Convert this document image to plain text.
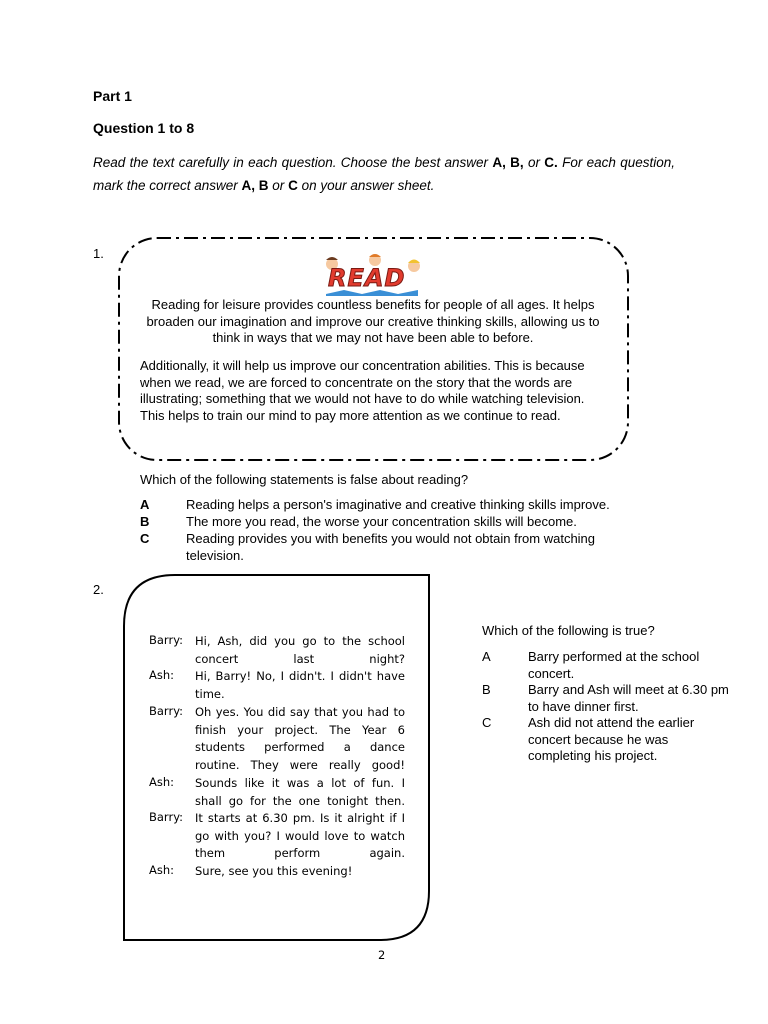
Part 1
Question 1 to 8
Read the text carefully in each question. Choose the best answer A, B, or C. For each question, mark the correct answer A, B or C on your answer sheet.
1.
READ
Reading for leisure provides countless benefits for people of all ages. It helps broaden our imagination and improve our creative thinking skills, allowing us to think in ways that we may not have been able to before.
Additionally, it will help us improve our concentration abilities. This is because when we read, we are forced to concentrate on the story that the words are illustrating; something that we would not have to do while watching television. This helps to train our mind to pay more attention as we continue to read.
Which of the following statements is false about reading?
A	Reading helps a person's imaginative and creative thinking skills improve.
B	The more you read, the worse your concentration skills will become.
C	Reading provides you with benefits you would not obtain from watching television.
2.
Barry: Hi, Ash, did you go to the school
concert last night?
Ash: Hi, Barry! No, I didn't. I didn't have
time.
Barry: Oh yes. You did say that you had to
finish your project. The Year 6
students performed a dance
routine. They were really good!
Ash: Sounds like it was a lot of fun. I
shall go for the one tonight then.
Barry: It starts at 6.30 pm. Is it alright if I
go with you? I would love to watch
them perform again.
Ash: Sure, see you this evening!
Which of the following is true?
A	Barry performed at the school concert.
B	Barry and Ash will meet at 6.30 pm to have dinner first.
C	Ash did not attend the earlier concert because he was completing his project.
2
